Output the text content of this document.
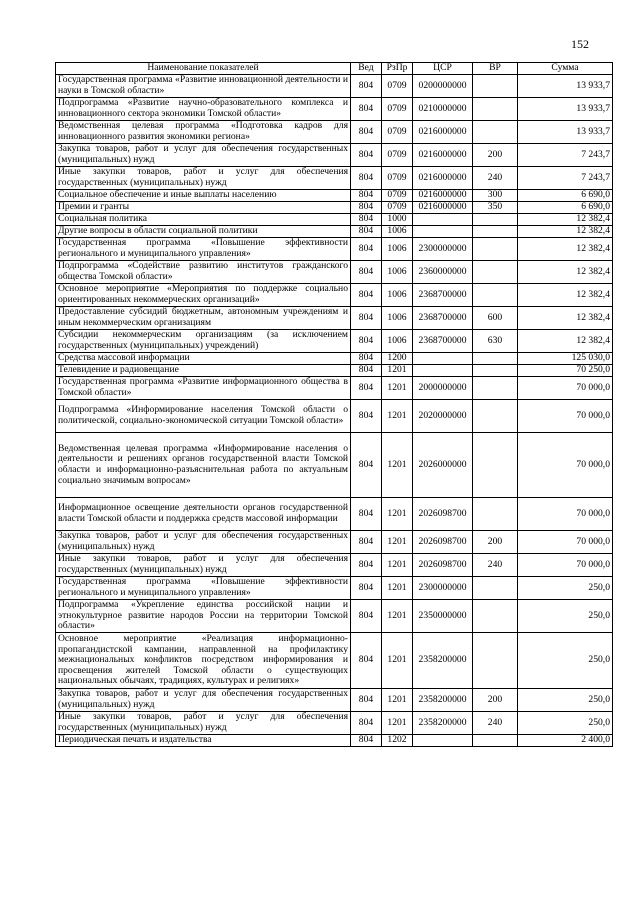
152
Наименование показателей	Вед	РзПр	ЦСР	ВР	Сумма
Государственная программа «Развитие инновационной деятельности и науки в Томской области»	804	0709	0200000000		13 933,7
Подпрограмма «Развитие научно-образовательного комплекса и инновационного сектора экономики Томской области»	804	0709	0210000000		13 933,7
Ведомственная целевая программа «Подготовка кадров для инновационного развития экономики региона»	804	0709	0216000000		13 933,7
Закупка товаров, работ и услуг для обеспечения государственных (муниципальных) нужд	804	0709	0216000000	200	7 243,7
Иные закупки товаров, работ и услуг для обеспечения государственных (муниципальных) нужд	804	0709	0216000000	240	7 243,7
Социальное обеспечение и иные выплаты населению	804	0709	0216000000	300	6 690,0
Премии и гранты	804	0709	0216000000	350	6 690,0
Социальная политика	804	1000			12 382,4
Другие вопросы в области социальной политики	804	1006			12 382,4
Государственная программа «Повышение эффективности регионального и муниципального управления»	804	1006	2300000000		12 382,4
Подпрограмма «Содействие развитию институтов гражданского общества Томской области»	804	1006	2360000000		12 382,4
Основное мероприятие «Мероприятия по поддержке социально ориентированных некоммерческих организаций»	804	1006	2368700000		12 382,4
Предоставление субсидий бюджетным, автономным учреждениям и иным некоммерческим организациям	804	1006	2368700000	600	12 382,4
Субсидии некоммерческим организациям (за исключением государственных (муниципальных) учреждений)	804	1006	2368700000	630	12 382,4
Средства массовой информации	804	1200			125 030,0
Телевидение и радиовещание	804	1201			70 250,0
Государственная программа «Развитие информационного общества в Томской области»	804	1201	2000000000		70 000,0
Подпрограмма «Информирование населения Томской области о политической, социально-экономической ситуации Томской области»	804	1201	2020000000		70 000,0
Ведомственная целевая программа «Информирование населения о деятельности и решениях органов государственной власти Томской области и информационно-разъяснительная работа по актуальным социально значимым вопросам»	804	1201	2026000000		70 000,0
Информационное освещение деятельности органов государственной власти Томской области и поддержка средств массовой информации	804	1201	2026098700		70 000,0
Закупка товаров, работ и услуг для обеспечения государственных (муниципальных) нужд	804	1201	2026098700	200	70 000,0
Иные закупки товаров, работ и услуг для обеспечения государственных (муниципальных) нужд	804	1201	2026098700	240	70 000,0
Государственная программа «Повышение эффективности регионального и муниципального управления»	804	1201	2300000000		250,0
Подпрограмма «Укрепление единства российской нации и этнокультурное развитие народов России на территории Томской области»	804	1201	2350000000		250,0
Основное мероприятие «Реализация информационно-пропагандистской кампании, направленной на профилактику межнациональных конфликтов посредством информирования и просвещения жителей Томской области о существующих национальных обычаях, традициях, культурах и религиях»	804	1201	2358200000		250,0
Закупка товаров, работ и услуг для обеспечения государственных (муниципальных) нужд	804	1201	2358200000	200	250,0
Иные закупки товаров, работ и услуг для обеспечения государственных (муниципальных) нужд	804	1201	2358200000	240	250,0
Периодическая печать и издательства	804	1202			2 400,0
